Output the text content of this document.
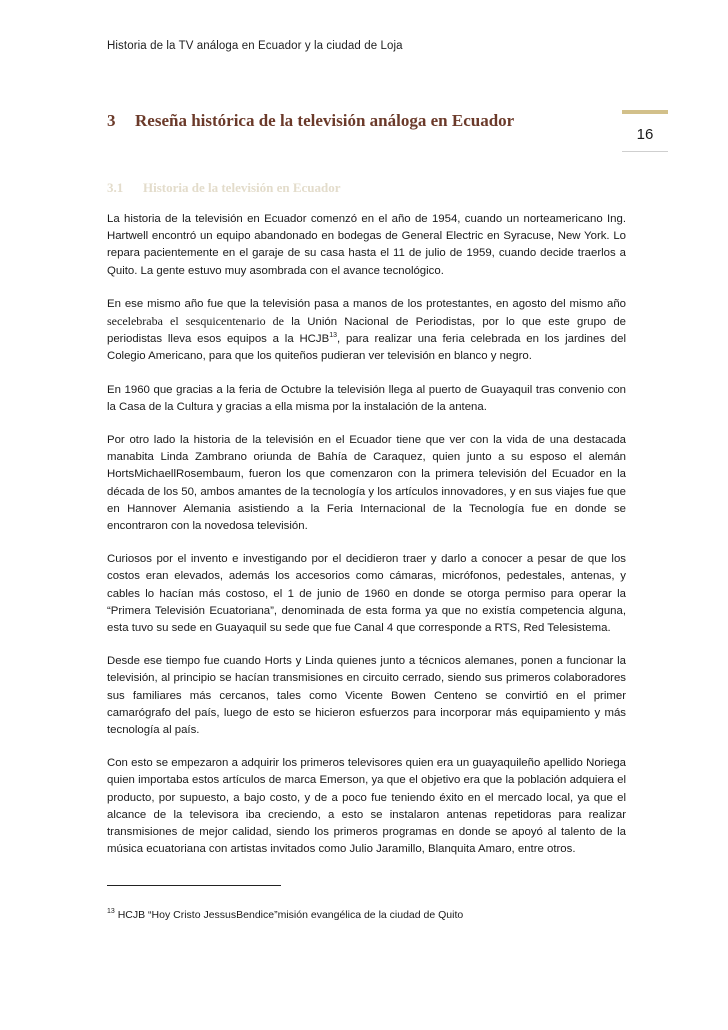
Historia de la TV análoga en Ecuador y la ciudad de Loja
3 Reseña histórica de la televisión análoga en Ecuador
16
3.1 Historia de la televisión en Ecuador

La historia de la televisión en Ecuador comenzó en el año de 1954, cuando un norteamericano Ing. Hartwell encontró un equipo abandonado en bodegas de General Electric en Syracuse, New York. Lo repara pacientemente en el garaje de su casa hasta el 11 de julio de 1959, cuando decide traerlos a Quito. La gente estuvo muy asombrada con el avance tecnológico.

En ese mismo año fue que la televisión pasa a manos de los protestantes, en agosto del mismo año secelebraba el sesquicentenario de la Unión Nacional de Periodistas, por lo que este grupo de periodistas lleva esos equipos a la HCJB$^{13}$, para realizar una feria celebrada en los jardines del Colegio Americano, para que los quiteños pudieran ver televisión en blanco y negro.

En 1960 que gracias a la feria de Octubre la televisión llega al puerto de Guayaquil tras convenio con la Casa de la Cultura y gracias a ella misma por la instalación de la antena.

Por otro lado la historia de la televisión en el Ecuador tiene que ver con la vida de una destacada manabita Linda Zambrano oriunda de Bahía de Caraquez, quien junto a su esposo el alemán HortsMichaellRosembaum, fueron los que comenzaron con la primera televisión del Ecuador en la década de los 50, ambos amantes de la tecnología y los artículos innovadores, y en sus viajes fue que en Hannover Alemania asistiendo a la Feria Internacional de la Tecnología fue en donde se encontraron con la novedosa televisión.

Curiosos por el invento e investigando por el decidieron traer y darlo a conocer a pesar de que los costos eran elevados, además los accesorios como cámaras, micrófonos, pedestales, antenas, y cables lo hacían más costoso, el 1 de junio de 1960 en donde se otorga permiso para operar la “Primera Televisión Ecuatoriana”, denominada de esta forma ya que no existía competencia alguna, esta tuvo su sede en Guayaquil su sede que fue Canal 4 que corresponde a RTS, Red Telesistema.

Desde ese tiempo fue cuando Horts y Linda quienes junto a técnicos alemanes, ponen a funcionar la televisión, al principio se hacían transmisiones en circuito cerrado, siendo sus primeros colaboradores sus familiares más cercanos, tales como Vicente Bowen Centeno se convirtió en el primer camarógrafo del país, luego de esto se hicieron esfuerzos para incorporar más equipamiento y más tecnología al país.

Con esto se empezaron a adquirir los primeros televisores quien era un guayaquileño apellido Noriega quien importaba estos artículos de marca Emerson, ya que el objetivo era que la población adquiera el producto, por supuesto, a bajo costo, y de a poco fue teniendo éxito en el mercado local, ya que el alcance de la televisora iba creciendo, a esto se instalaron antenas repetidoras para realizar transmisiones de mejor calidad, siendo los primeros programas en donde se apoyó al talento de la música ecuatoriana con artistas invitados como Julio Jaramillo, Blanquita Amaro, entre otros.

$^{13}$ HCJB “Hoy Cristo JessusBendice”misión evangélica de la ciudad de Quito
